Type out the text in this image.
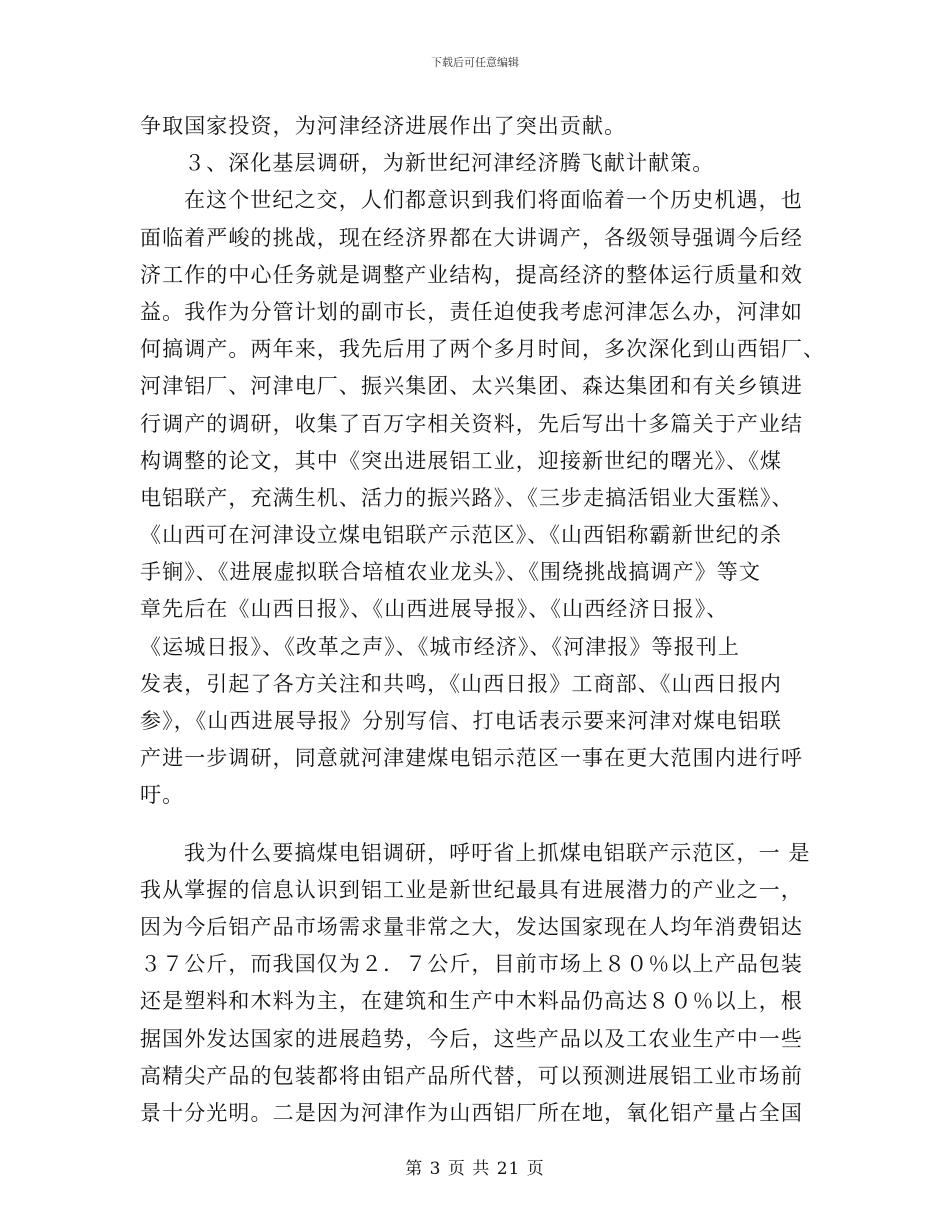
下载后可任意编辑
争取国家投资，为河津经济进展作出了突出贡献。
３、深化基层调研，为新世纪河津经济腾飞献计献策。
在这个世纪之交，人们都意识到我们将面临着一个历史机遇，也
面临着严峻的挑战，现在经济界都在大讲调产，各级领导强调今后经
济工作的中心任务就是调整产业结构，提高经济的整体运行质量和效
益。我作为分管计划的副市长，责任迫使我考虑河津怎么办，河津如
何搞调产。两年来，我先后用了两个多月时间，多次深化到山西铝厂、
河津铝厂、河津电厂、振兴集团、太兴集团、森达集团和有关乡镇进
行调产的调研，收集了百万字相关资料，先后写出十多篇关于产业结
构调整的论文，其中《突出进展铝工业，迎接新世纪的曙光》、《煤
电铝联产，充满生机、活力的振兴路》、《三步走搞活铝业大蛋糕》、
《山西可在河津设立煤电铝联产示范区》、《山西铝称霸新世纪的杀
手锏》、《进展虚拟联合培植农业龙头》、《围绕挑战搞调产》等文
章先后在《山西日报》、《山西进展导报》、《山西经济日报》、
《运城日报》、《改革之声》、《城市经济》、《河津报》等报刊上
发表，引起了各方关注和共鸣，《山西日报》工商部、《山西日报内
参》，《山西进展导报》分别写信、打电话表示要来河津对煤电铝联
产进一步调研，同意就河津建煤电铝示范区一事在更大范围内进行呼
吁。
我为什么要搞煤电铝调研，呼吁省上抓煤电铝联产示范区，一 是
我从掌握的信息认识到铝工业是新世纪最具有进展潜力的产业之一，
因为今后铝产品市场需求量非常之大，发达国家现在人均年消费铝达
３７公斤，而我国仅为２．７公斤，目前市场上８０％以上产品包装
还是塑料和木料为主，在建筑和生产中木料品仍高达８０％以上，根
据国外发达国家的进展趋势，今后，这些产品以及工农业生产中一些
高精尖产品的包装都将由铝产品所代替，可以预测进展铝工业市场前
景十分光明。二是因为河津作为山西铝厂所在地，氧化铝产量占全国
第 3 页 共 21 页
